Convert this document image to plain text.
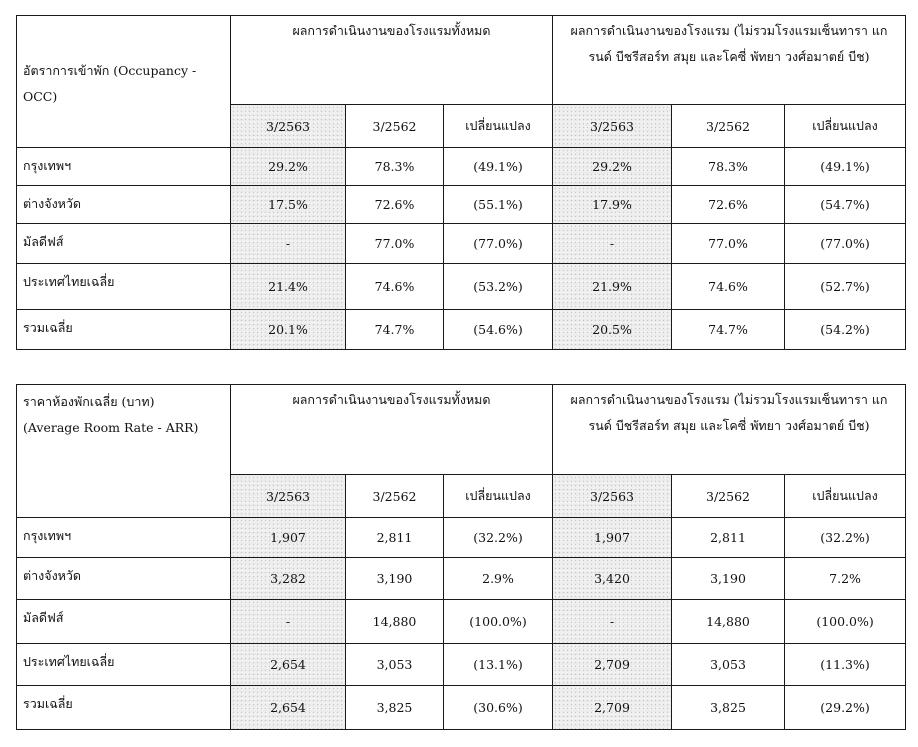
อัตราการเข้าพัก (Occupancy - OCC)	ผลการดำเนินงานของโรงแรมทั้งหมด			ผลการดำเนินงานของโรงแรม (ไม่รวมโรงแรมเซ็นทารา แกรนด์ บีชรีสอร์ท สมุย และโคซี่ พัทยา วงศ์อมาตย์ บีช)		
	3/2563	3/2562	เปลี่ยนแปลง	3/2563	3/2562	เปลี่ยนแปลง
กรุงเทพฯ	29.2%	78.3%	(49.1%)	29.2%	78.3%	(49.1%)
ต่างจังหวัด	17.5%	72.6%	(55.1%)	17.9%	72.6%	(54.7%)
มัลดีฟส์	-	77.0%	(77.0%)	-	77.0%	(77.0%)
ประเทศไทยเฉลี่ย	21.4%	74.6%	(53.2%)	21.9%	74.6%	(52.7%)
รวมเฉลี่ย	20.1%	74.7%	(54.6%)	20.5%	74.7%	(54.2%)
ราคาห้องพักเฉลี่ย (บาท)
(Average Room Rate - ARR)	ผลการดำเนินงานของโรงแรมทั้งหมด			ผลการดำเนินงานของโรงแรม (ไม่รวมโรงแรมเซ็นทารา แกรนด์ บีชรีสอร์ท สมุย และโคซี่ พัทยา วงศ์อมาตย์ บีช)		
	3/2563	3/2562	เปลี่ยนแปลง	3/2563	3/2562	เปลี่ยนแปลง
กรุงเทพฯ	1,907	2,811	(32.2%)	1,907	2,811	(32.2%)
ต่างจังหวัด	3,282	3,190	2.9%	3,420	3,190	7.2%
มัลดีฟส์	-	14,880	(100.0%)	-	14,880	(100.0%)
ประเทศไทยเฉลี่ย	2,654	3,053	(13.1%)	2,709	3,053	(11.3%)
รวมเฉลี่ย	2,654	3,825	(30.6%)	2,709	3,825	(29.2%)
